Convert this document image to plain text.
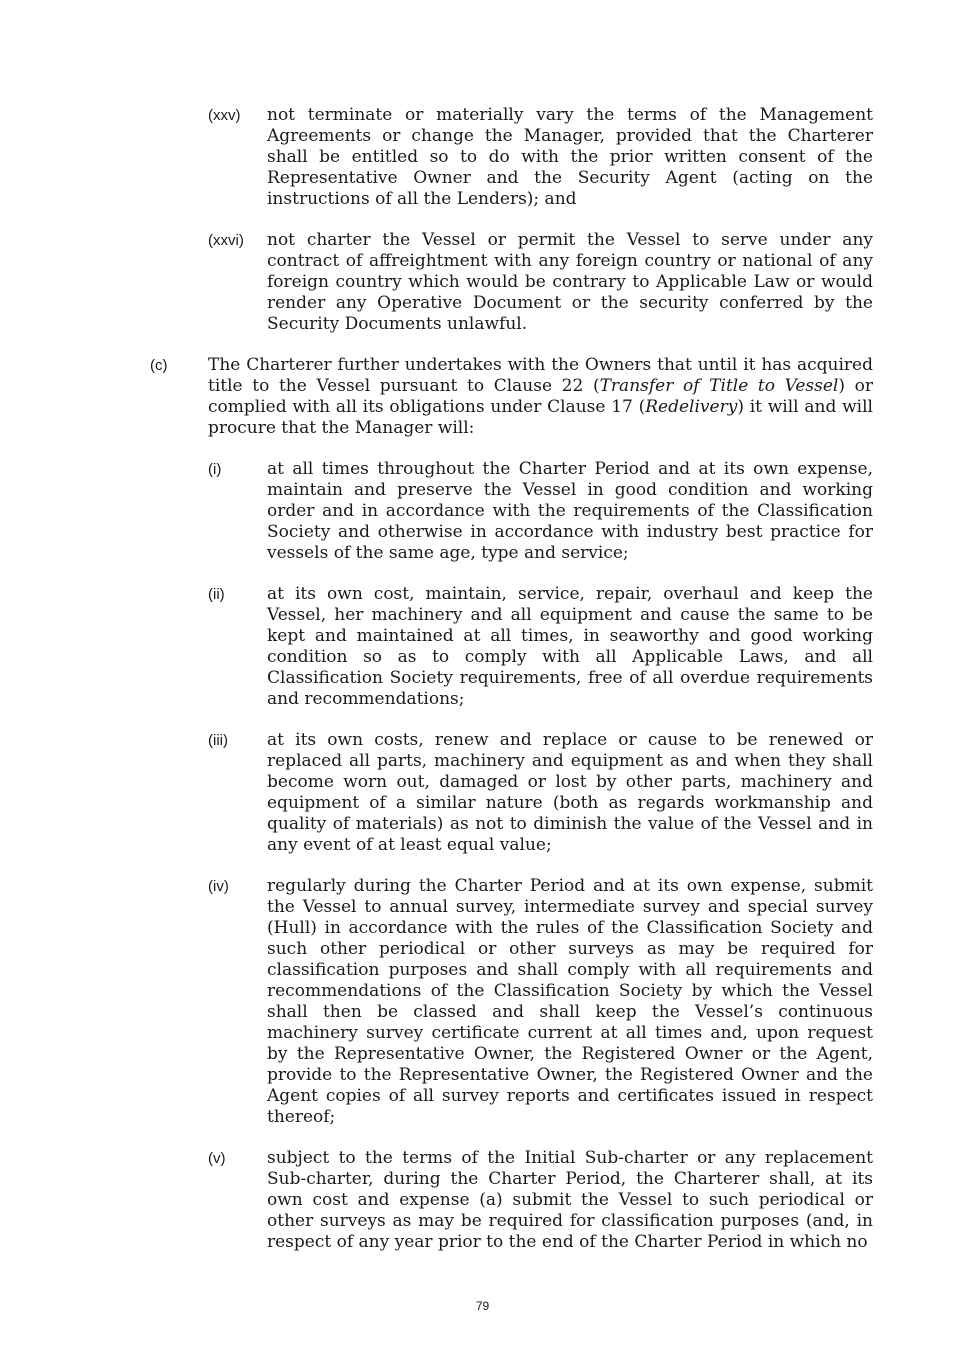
(xxv) not terminate or materially vary the terms of the Management Agreements or change the Manager, provided that the Charterer shall be entitled so to do with the prior written consent of the Representative Owner and the Security Agent (acting on the instructions of all the Lenders); and
(xxvi) not charter the Vessel or permit the Vessel to serve under any contract of affreightment with any foreign country or national of any foreign country which would be contrary to Applicable Law or would render any Operative Document or the security conferred by the Security Documents unlawful.
(c) The Charterer further undertakes with the Owners that until it has acquired title to the Vessel pursuant to Clause 22 (Transfer of Title to Vessel) or complied with all its obligations under Clause 17 (Redelivery) it will and will procure that the Manager will:
(i)	at all times throughout the Charter Period and at its own expense, maintain and preserve the Vessel in good condition and working order and in accordance with the requirements of the Classification Society and otherwise in accordance with industry best practice for vessels of the same age, type and service;
(ii) at its own cost, maintain, service, repair, overhaul and keep the Vessel, her machinery and all equipment and cause the same to be kept and maintained at all times, in seaworthy and good working condition so as to comply with all Applicable Laws, and all Classification Society requirements, free of all overdue requirements and recommendations;
(iii) at its own costs, renew and replace or cause to be renewed or replaced all parts, machinery and equipment as and when they shall become worn out, damaged or lost by other parts, machinery and equipment of a similar nature (both as regards workmanship and quality of materials) as not to diminish the value of the Vessel and in any event of at least equal value;
(iv) regularly during the Charter Period and at its own expense, submit the Vessel to annual survey, intermediate survey and special survey (Hull) in accordance with the rules of the Classification Society and such other periodical or other surveys as may be required for classification purposes and shall comply with all requirements and recommendations of the Classification Society by which the Vessel shall then be classed and shall keep the Vessel’s continuous machinery survey certificate current at all times and, upon request by the Representative Owner, the Registered Owner or the Agent, provide to the Representative Owner, the Registered Owner and the Agent copies of all survey reports and certificates issued in respect thereof;
(v) subject to the terms of the Initial Sub-charter or any replacement Sub-charter, during the Charter Period, the Charterer shall, at its own cost and expense (a) submit the Vessel to such periodical or other surveys as may be required for classification purposes (and, in respect of any year prior to the end of the Charter Period in which no
79
